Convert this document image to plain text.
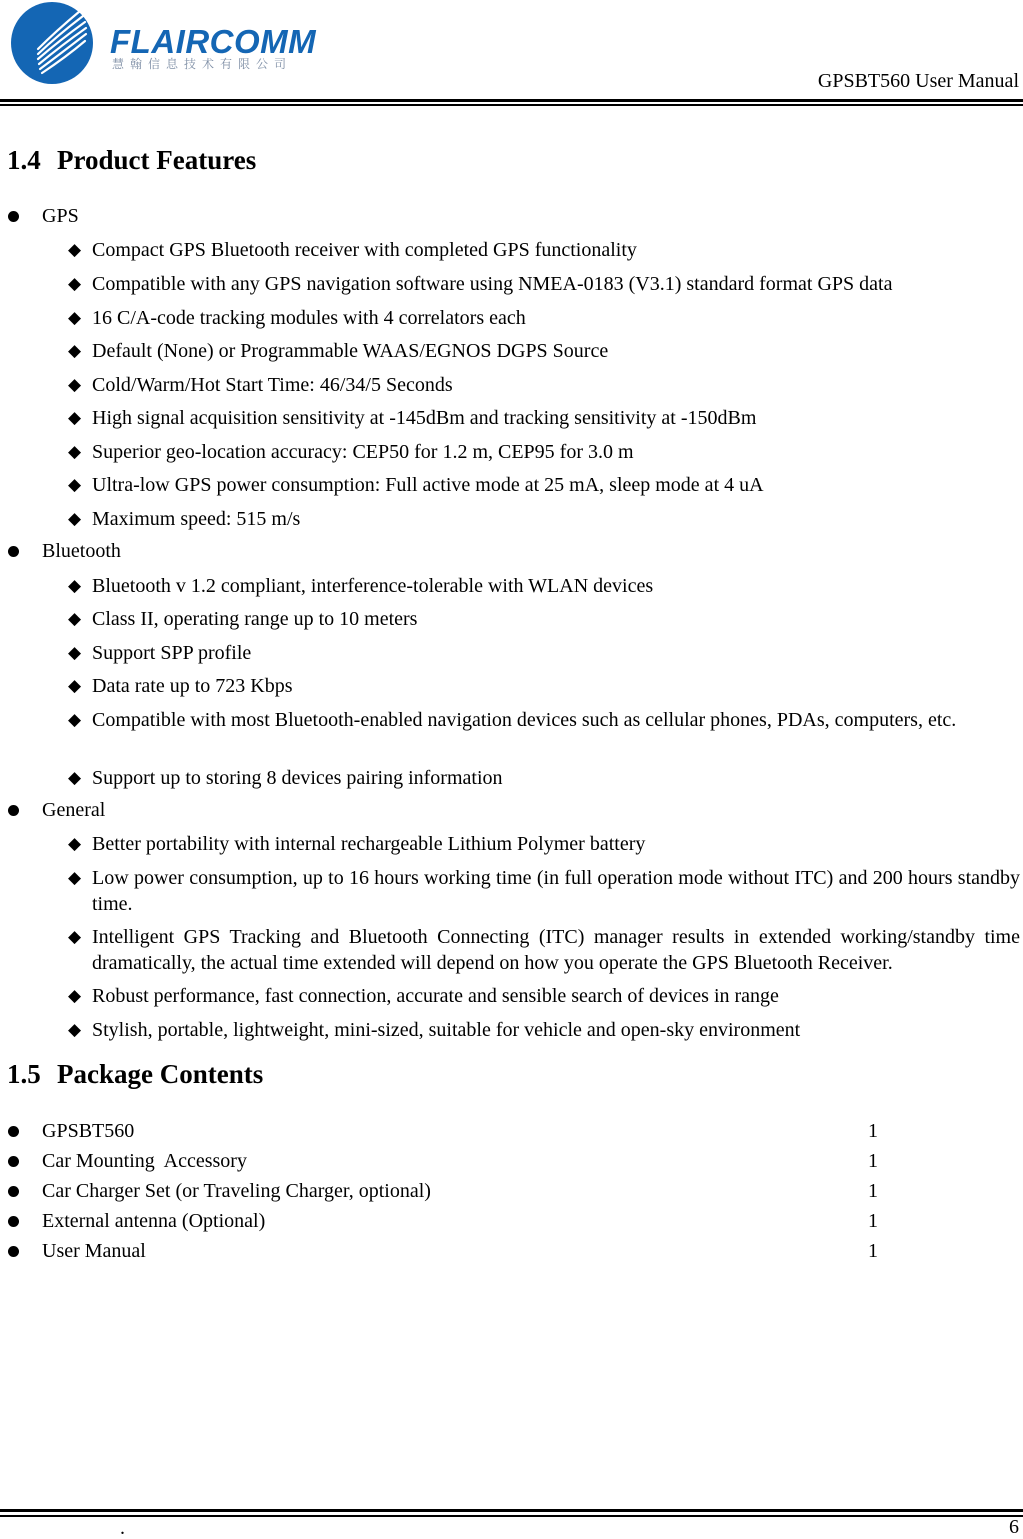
FLAIRCOMM
慧翰信息技术有限公司
GPSBT560 User Manual
1.4 Product Features
GPS
◆ Compact GPS Bluetooth receiver with completed GPS functionality
◆ Compatible with any GPS navigation software using NMEA-0183 (V3.1) standard format GPS data
◆ 16 C/A-code tracking modules with 4 correlators each
◆ Default (None) or Programmable WAAS/EGNOS DGPS Source
◆ Cold/Warm/Hot Start Time: 46/34/5 Seconds
◆ High signal acquisition sensitivity at -145dBm and tracking sensitivity at -150dBm
◆ Superior geo-location accuracy: CEP50 for 1.2 m, CEP95 for 3.0 m
◆ Ultra-low GPS power consumption: Full active mode at 25 mA, sleep mode at 4 uA
◆ Maximum speed: 515 m/s
Bluetooth
◆ Bluetooth v 1.2 compliant, interference-tolerable with WLAN devices
◆ Class II, operating range up to 10 meters
◆ Support SPP profile
◆ Data rate up to 723 Kbps
◆ Compatible with most Bluetooth-enabled navigation devices such as cellular phones, PDAs, computers, etc.
◆ Support up to storing 8 devices pairing information
General
◆ Better portability with internal rechargeable Lithium Polymer battery
◆ Low power consumption, up to 16 hours working time (in full operation mode without ITC) and 200 hours standby time.
◆ Intelligent GPS Tracking and Bluetooth Connecting (ITC) manager results in extended working/standby time dramatically, the actual time extended will depend on how you operate the GPS Bluetooth Receiver.
◆ Robust performance, fast connection, accurate and sensible search of devices in range
◆ Stylish, portable, lightweight, mini-sized, suitable for vehicle and open-sky environment
1.5 Package Contents
GPSBT560	1
Car Mounting  Accessory	1
Car Charger Set (or Traveling Charger, optional)	1
External antenna (Optional)	1
User Manual	1
.	6
